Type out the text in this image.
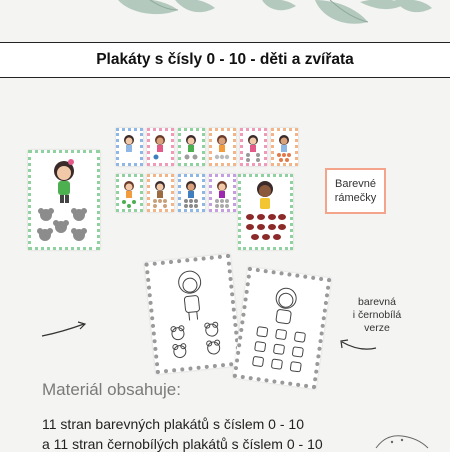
Plakáty s čísly 0 - 10 - děti a zvířata
Barevné
rámečky
barevná
i černobílá
verze
Materiál obsahuje:
11 stran barevných plakátů s číslem 0 - 10
a 11 stran černobílých plakátů s číslem 0 - 10
